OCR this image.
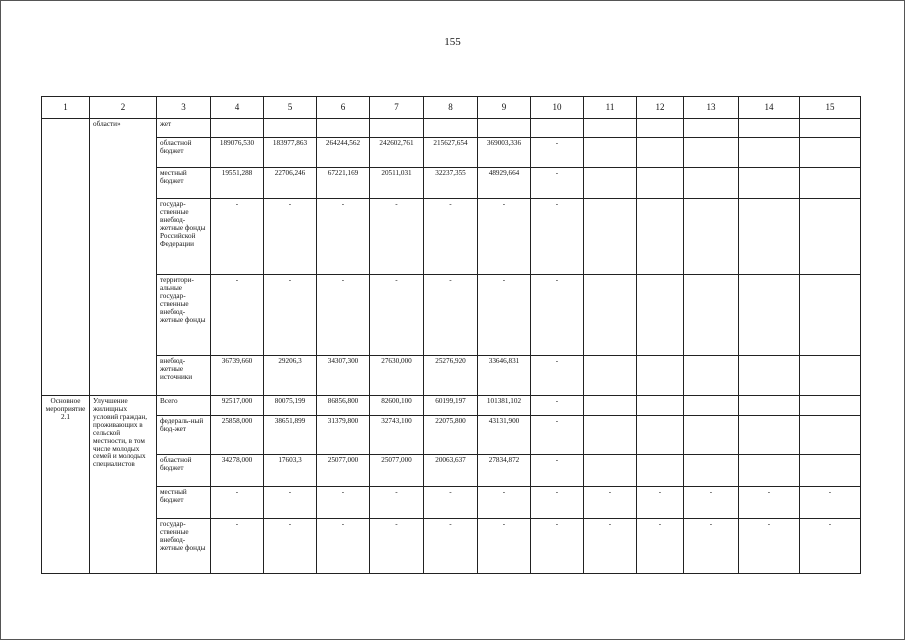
155
1	2	3	4	5	6	7	8	9	10	11	12	13	14	15
	области»	жет												
		областной бюджет	189076,530	183977,863	264244,562	242602,761	215627,654	369003,336	-					
		местный бюджет	19551,288	22706,246	67221,169	20511,031	32237,355	48929,664	-					
		государ-ственные внебюд-жетные фонды Российской Федерации	-	-	-	-	-	-	-					
		территори-альные государ-ственные внебюд-жетные фонды	-	-	-	-	-	-	-					
		внебюд-жетные источники	36739,660	29206,3	34307,300	27630,000	25276,920	33646,831	-					
Основное мероприятие 2.1	Улучшение жилищных условий граждан, проживающих в сельской местности, в том числе молодых семей и молодых специалистов	Всего	92517,000	80075,199	86856,800	82600,100	60199,197	101381,102	-					
		федераль-ный бюд-жет	25858,000	38651,899	31379,800	32743,100	22075,800	43131,900	-					
		областной бюджет	34278,000	17603,3	25077,000	25077,000	20063,637	27834,872	-					
		местный бюджет	-	-	-	-	-	-	-	-	-	-	-	-
		государ-ственные внебюд-жетные фонды	-	-	-	-	-	-	-	-	-	-	-	-
